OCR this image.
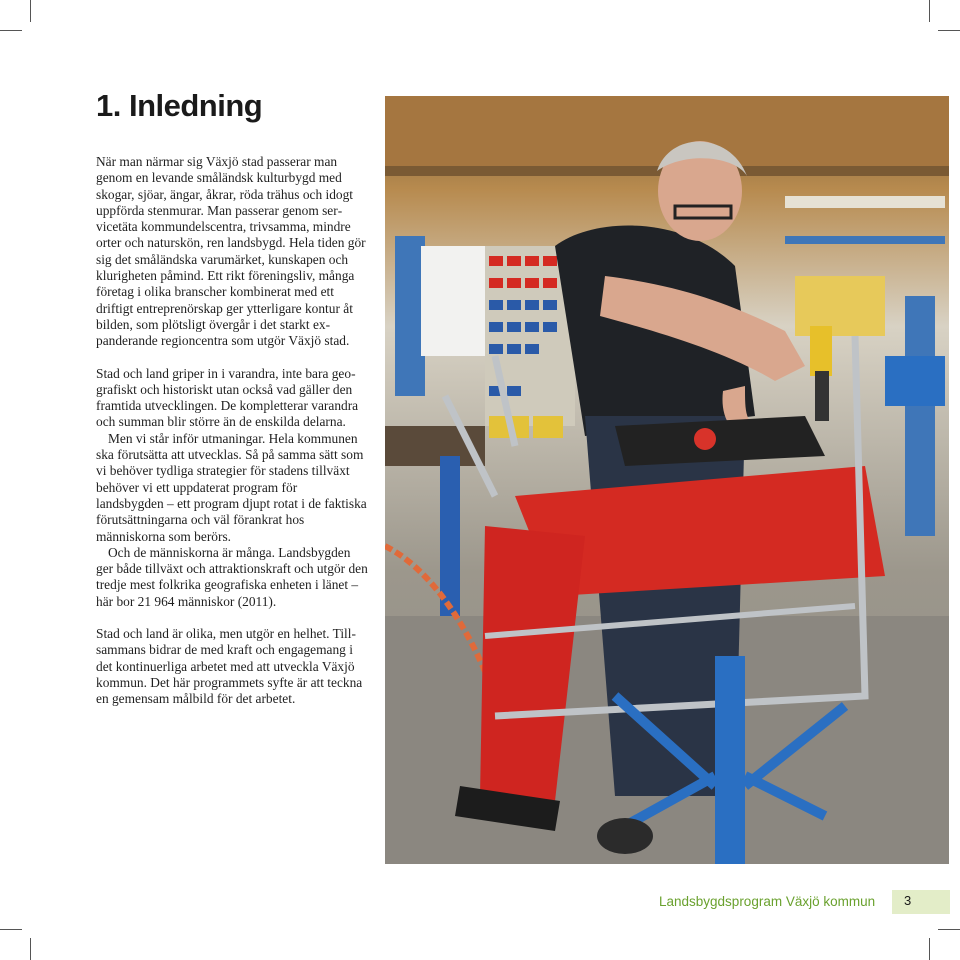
1. Inledning

När man närmar sig Växjö stad passerar man genom en levande småländsk kulturbygd med skogar, sjöar, ängar, åkrar, röda trähus och idogt uppförda stenmurar. Man passerar genom servicetäta kommundelscentra, trivsamma, mindre orter och naturskön, ren landsbygd. Hela tiden gör sig det småländska varumärket, kunskapen och klurigheten påmind. Ett rikt föreningsliv, många företag i olika branscher kombinerat med ett driftigt entreprenörskap ger ytterligare kontur åt bilden, som plötsligt övergår i det starkt expanderande regioncentra som utgör Växjö stad.

Stad och land griper in i varandra, inte bara geografiskt och historiskt utan också vad gäller den framtida utvecklingen. De kompletterar varandra och summan blir större än de enskilda delarna.

Men vi står inför utmaningar. Hela kommunen ska förutsätta att utvecklas. Så på samma sätt som vi behöver tydliga strategier för stadens tillväxt behöver vi ett uppdaterat program för landsbygden – ett program djupt rotat i de faktiska förutsättningarna och väl förankrat hos människorna som berörs.

Och de människorna är många. Landsbygden ger både tillväxt och attraktionskraft och utgör den tredje mest folkrika geografiska enheten i länet – här bor 21 964 människor (2011).

Stad och land är olika, men utgör en helhet. Tillsammans bidrar de med kraft och engagemang i det kontinuerliga arbetet med att utveckla Växjö kommun. Det här programmets syfte är att teckna en gemensam målbild för det arbetet.

Landsbygdsprogram Växjö kommun 3
